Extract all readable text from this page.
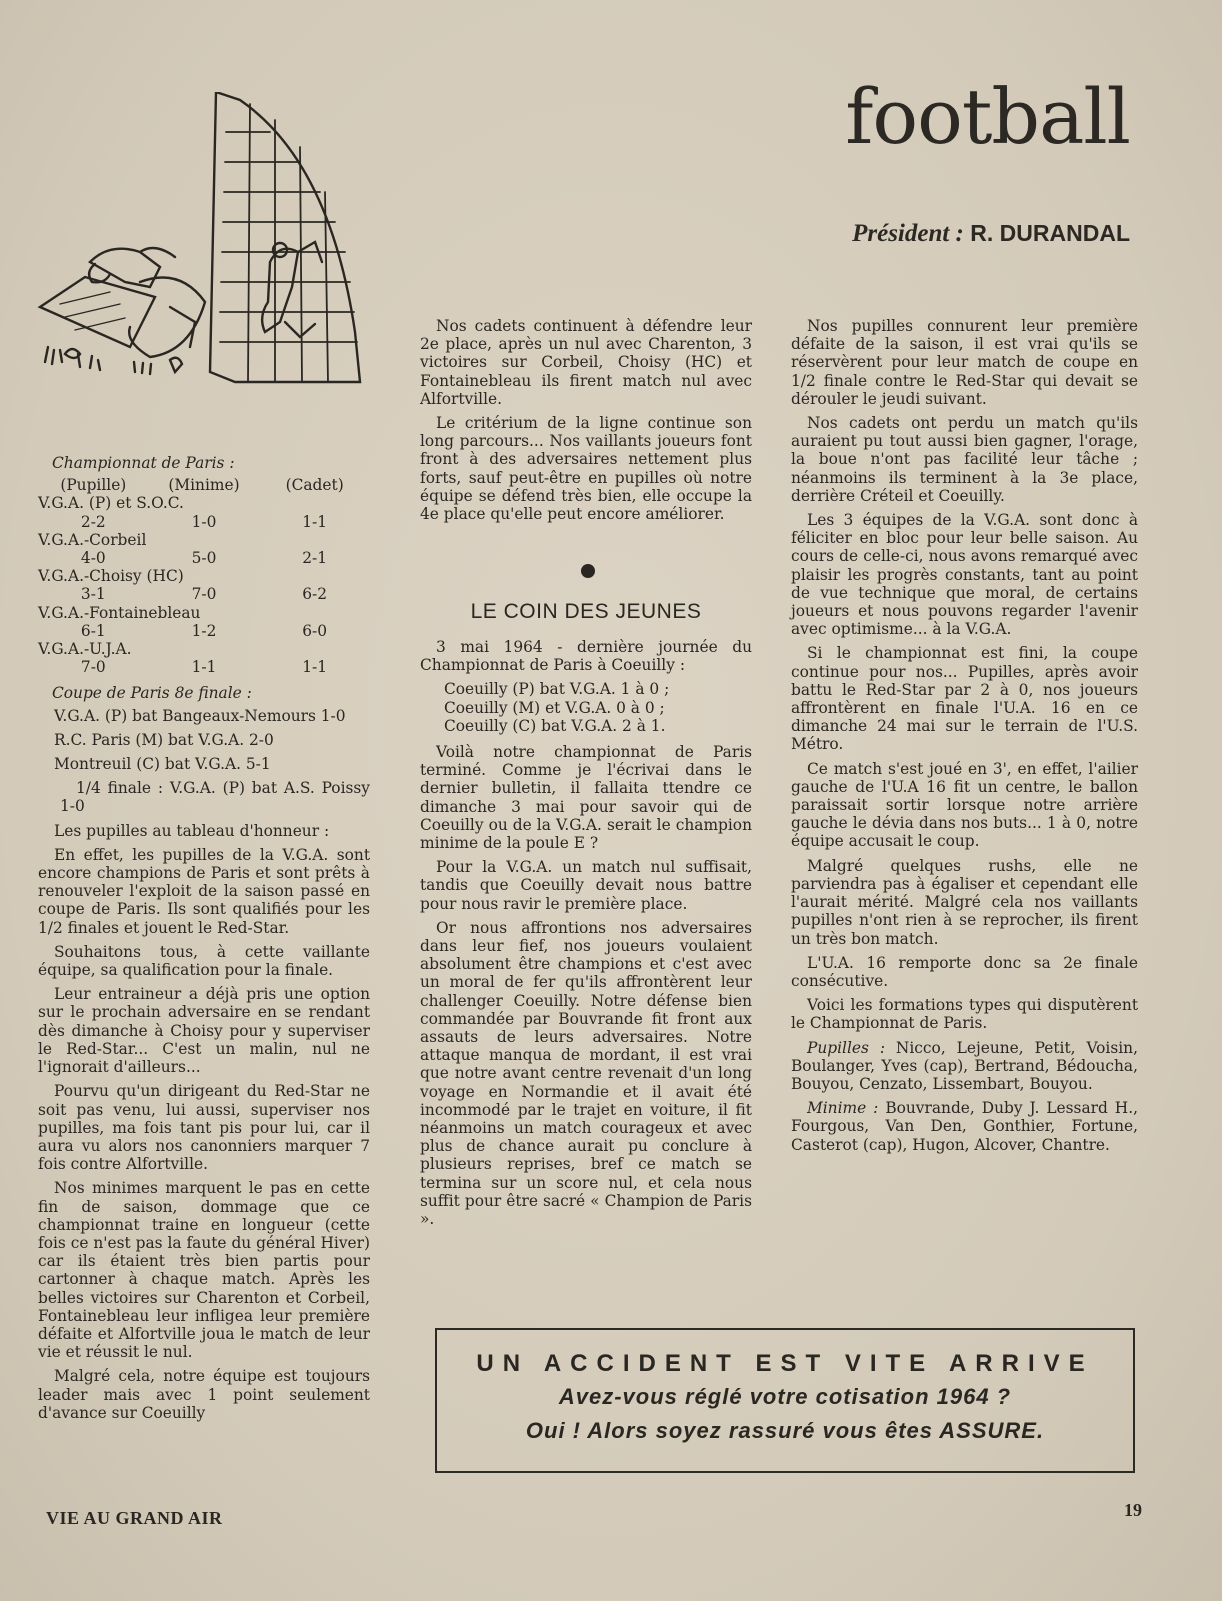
football
Président : R. DURANDAL
Championnat de Paris :
(Pupille)	(Minime)	(Cadet)
V.G.A. (P) et S.O.C.		
2-2	1-0	1-1
V.G.A.-Corbeil		
4-0	5-0	2-1
V.G.A.-Choisy (HC)		
3-1	7-0	6-2
V.G.A.-Fontainebleau		
6-1	1-2	6-0
V.G.A.-U.J.A.		
7-0	1-1	1-1
Coupe de Paris 8e finale :

V.G.A. (P) bat Bangeaux-Nemours 1-0

R.C. Paris (M) bat V.G.A. 2-0

Montreuil (C) bat V.G.A. 5-1

1/4 finale : V.G.A. (P) bat A.S. Poissy 1-0

Les pupilles au tableau d'honneur :

En effet, les pupilles de la V.G.A. sont encore champions de Paris et sont prêts à renouveler l'exploit de la saison passé en coupe de Paris. Ils sont qualifiés pour les 1/2 finales et jouent le Red-Star.

Souhaitons tous, à cette vaillante équipe, sa qualification pour la finale.

Leur entraineur a déjà pris une option sur le prochain adversaire en se rendant dès dimanche à Choisy pour y superviser le Red-Star... C'est un malin, nul ne l'ignorait d'ailleurs...

Pourvu qu'un dirigeant du Red-Star ne soit pas venu, lui aussi, superviser nos pupilles, ma fois tant pis pour lui, car il aura vu alors nos canonniers marquer 7 fois contre Alfortville.

Nos minimes marquent le pas en cette fin de saison, dommage que ce championnat traine en longueur (cette fois ce n'est pas la faute du général Hiver) car ils étaient très bien partis pour cartonner à chaque match. Après les belles victoires sur Charenton et Corbeil, Fontainebleau leur infligea leur première défaite et Alfortville joua le match de leur vie et réussit le nul.

Malgré cela, notre équipe est toujours leader mais avec 1 point seulement d'avance sur Coeuilly

Nos cadets continuent à défendre leur 2e place, après un nul avec Charenton, 3 victoires sur Corbeil, Choisy (HC) et Fontainebleau ils firent match nul avec Alfortville.

Le critérium de la ligne continue son long parcours... Nos vaillants joueurs font front à des adversaires nettement plus forts, sauf peut-être en pupilles où notre équipe se défend très bien, elle occupe la 4e place qu'elle peut encore améliorer.

LE COIN DES JEUNES

3 mai 1964 - dernière journée du Championnat de Paris à Coeuilly :

Coeuilly (P) bat V.G.A. 1 à 0 ;
Coeuilly (M) et V.G.A. 0 à 0 ;
Coeuilly (C) bat V.G.A. 2 à 1.

Voilà notre championnat de Paris terminé. Comme je l'écrivai dans le dernier bulletin, il fallaita ttendre ce dimanche 3 mai pour savoir qui de Coeuilly ou de la V.G.A. serait le champion minime de la poule E ?

Pour la V.G.A. un match nul suffisait, tandis que Coeuilly devait nous battre pour nous ravir le première place.

Or nous affrontions nos adversaires dans leur fief, nos joueurs voulaient absolument être champions et c'est avec un moral de fer qu'ils affrontèrent leur challenger Coeuilly. Notre défense bien commandée par Bouvrande fit front aux assauts de leurs adversaires. Notre attaque manqua de mordant, il est vrai que notre avant centre revenait d'un long voyage en Normandie et il avait été incommodé par le trajet en voiture, il fit néanmoins un match courageux et avec plus de chance aurait pu conclure à plusieurs reprises, bref ce match se termina sur un score nul, et cela nous suffit pour être sacré « Champion de Paris ».

Nos pupilles connurent leur première défaite de la saison, il est vrai qu'ils se réservèrent pour leur match de coupe en 1/2 finale contre le Red-Star qui devait se dérouler le jeudi suivant.

Nos cadets ont perdu un match qu'ils auraient pu tout aussi bien gagner, l'orage, la boue n'ont pas facilité leur tâche ; néanmoins ils terminent à la 3e place, derrière Créteil et Coeuilly.

Les 3 équipes de la V.G.A. sont donc à féliciter en bloc pour leur belle saison. Au cours de celle-ci, nous avons remarqué avec plaisir les progrès constants, tant au point de vue technique que moral, de certains joueurs et nous pouvons regarder l'avenir avec optimisme... à la V.G.A.

Si le championnat est fini, la coupe continue pour nos... Pupilles, après avoir battu le Red-Star par 2 à 0, nos joueurs affrontèrent en finale l'U.A. 16 en ce dimanche 24 mai sur le terrain de l'U.S. Métro.

Ce match s'est joué en 3', en effet, l'ailier gauche de l'U.A 16 fit un centre, le ballon paraissait sortir lorsque notre arrière gauche le dévia dans nos buts... 1 à 0, notre équipe accusait le coup.

Malgré quelques rushs, elle ne parviendra pas à égaliser et cependant elle l'aurait mérité. Malgré cela nos vaillants pupilles n'ont rien à se reprocher, ils firent un très bon match.

L'U.A. 16 remporte donc sa 2e finale consécutive.

Voici les formations types qui disputèrent le Championnat de Paris.

Pupilles : Nicco, Lejeune, Petit, Voisin, Boulanger, Yves (cap), Bertrand, Bédoucha, Bouyou, Cenzato, Lissembart, Bouyou.

Minime : Bouvrande, Duby J. Lessard H., Fourgous, Van Den, Gonthier, Fortune, Casterot (cap), Hugon, Alcover, Chantre.

UN ACCIDENT EST VITE ARRIVE
Avez-vous réglé votre cotisation 1964 ?
Oui ! Alors soyez rassuré vous êtes ASSURE.
VIE AU GRAND AIR	19
